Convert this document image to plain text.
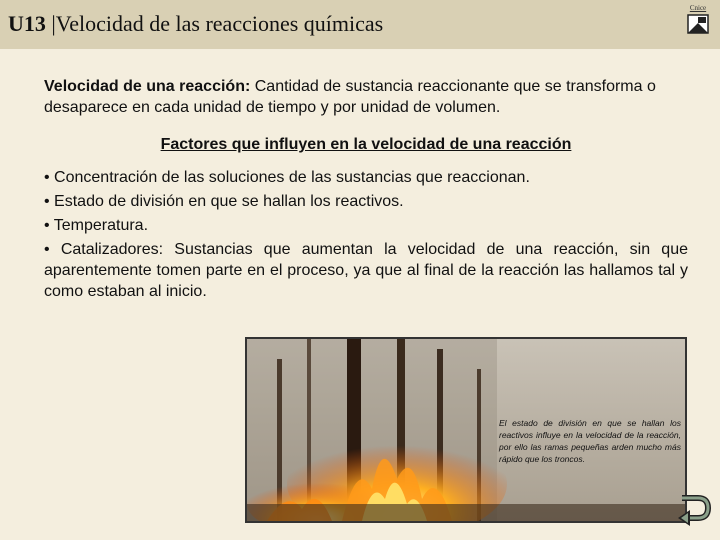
U13 |Velocidad de las reacciones químicas
Cnice

Velocidad de una reacción: Cantidad de sustancia reaccionante que se transforma o desaparece en cada unidad de tiempo y por unidad de volumen.

Factores que influyen en la velocidad de una reacción
• Concentración de las soluciones de las sustancias que reaccionan.
• Estado de división en que se hallan los reactivos.
• Temperatura.
• Catalizadores: Sustancias que aumentan la velocidad de una reacción, sin que aparentemente tomen parte en el proceso, ya que al final de la reacción las hallamos tal y como estaban al inicio.
El estado de división en que se hallan los reactivos influye en la velocidad de la reacción, por ello las ramas pequeñas arden mucho más rápido que los troncos.
